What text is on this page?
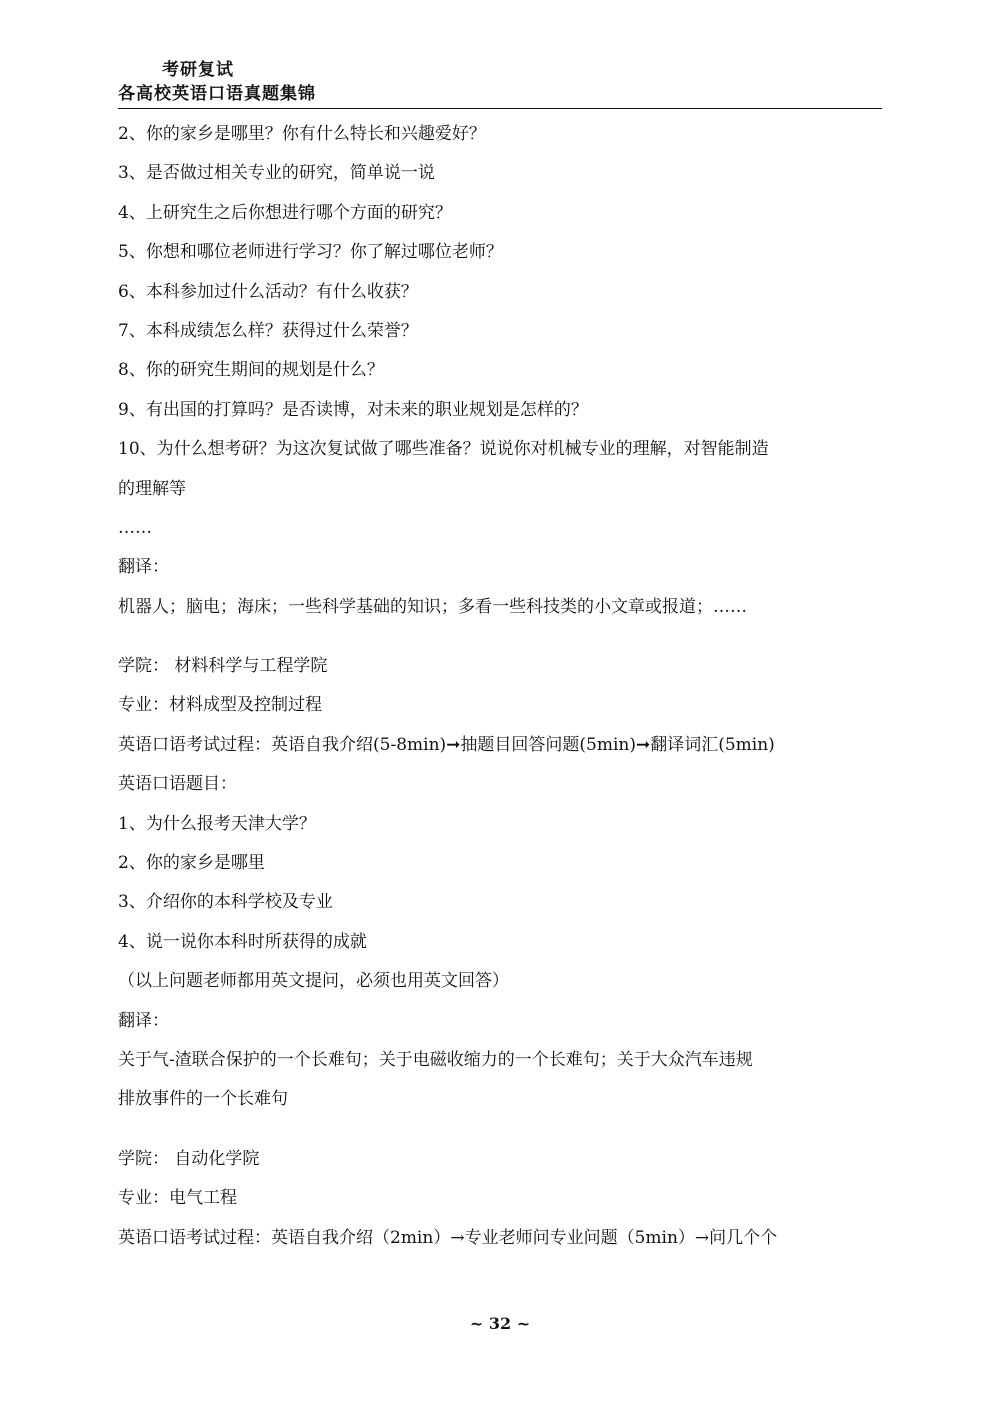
考研复试
各高校英语口语真题集锦
2、你的家乡是哪里？你有什么特长和兴趣爱好？
3、是否做过相关专业的研究，简单说一说
4、上研究生之后你想进行哪个方面的研究？
5、你想和哪位老师进行学习？你了解过哪位老师？
6、本科参加过什么活动？有什么收获？
7、本科成绩怎么样？获得过什么荣誉？
8、你的研究生期间的规划是什么？
9、有出国的打算吗？是否读博，对未来的职业规划是怎样的？
10、为什么想考研？为这次复试做了哪些准备？说说你对机械专业的理解，对智能制造
的理解等
……
翻译：
机器人；脑电；海床；一些科学基础的知识；多看一些科技类的小文章或报道；……
学院： 材料科学与工程学院
专业：材料成型及控制过程
英语口语考试过程：英语自我介绍(5-8min)➞抽题目回答问题(5min)➞翻译词汇(5min)
英语口语题目：
1、为什么报考天津大学？
2、你的家乡是哪里
3、介绍你的本科学校及专业
4、说一说你本科时所获得的成就
（以上问题老师都用英文提问，必须也用英文回答）
翻译：
关于气-渣联合保护的一个长难句；关于电磁收缩力的一个长难句；关于大众汽车违规
排放事件的一个长难句
学院： 自动化学院
专业：电气工程
英语口语考试过程：英语自我介绍（2min）→专业老师问专业问题（5min）→问几个个
~ 32 ~
